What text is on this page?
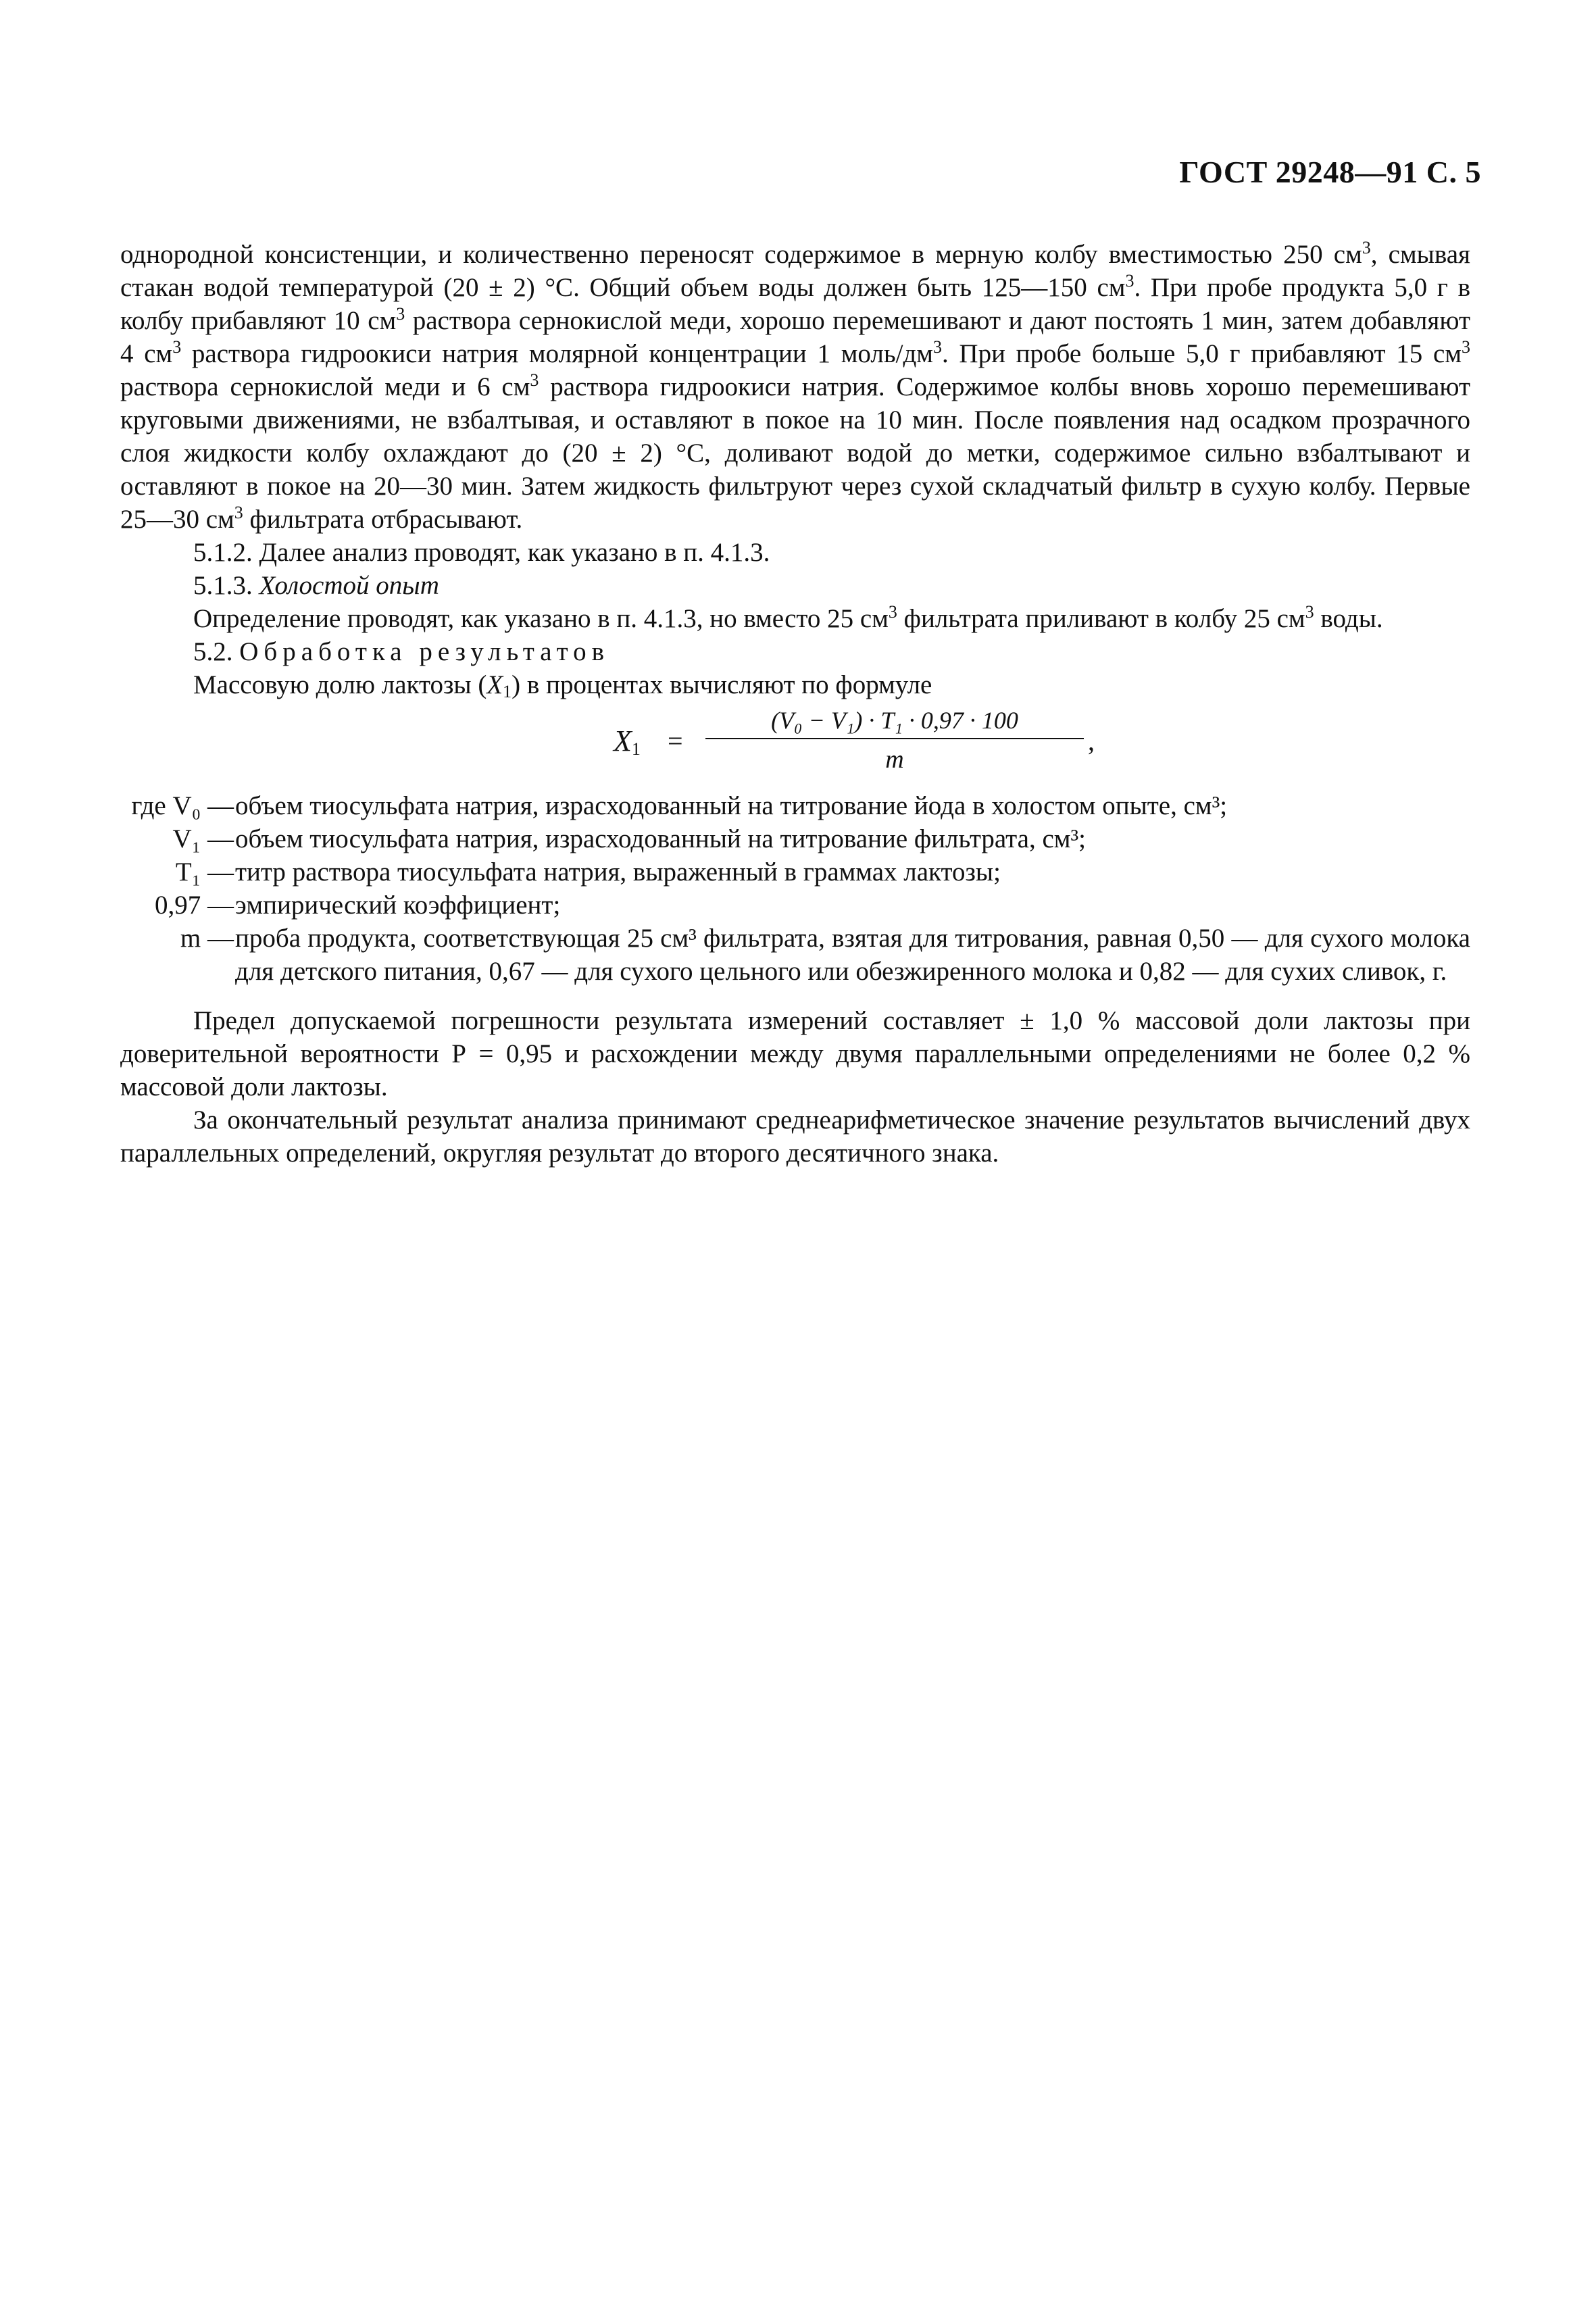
ГОСТ 29248—91 С. 5

однородной консистенции, и количественно переносят содержимое в мерную колбу вместимостью 250 $см^3$, смывая стакан водой температурой (20 ± 2) °С. Общий объем воды должен быть 125—150 $см^3$. При пробе продукта 5,0 г в колбу прибавляют 10 $см^3$ раствора сернокислой меди, хорошо перемешивают и дают постоять 1 мин, затем добавляют 4 $см^3$ раствора гидроокиси натрия молярной концентрации 1 моль/$дм^3$. При пробе больше 5,0 г прибавляют 15 $см^3$ раствора сернокислой меди и 6 $см^3$ раствора гидроокиси натрия. Содержимое колбы вновь хорошо перемешивают круговыми движениями, не взбалтывая, и оставляют в покое на 10 мин. После появления над осадком прозрачного слоя жидкости колбу охлаждают до (20 ± 2) °С, доливают водой до метки, содержимое сильно взбалтывают и оставляют в покое на 20—30 мин. Затем жидкость фильтруют через сухой складчатый фильтр в сухую колбу. Первые 25—30 $см^3$ фильтрата отбрасывают.

5.1.2. Далее анализ проводят, как указано в п. 4.1.3.

5.1.3. Холостой опыт

Определение проводят, как указано в п. 4.1.3, но вместо 25 $см^3$ фильтрата приливают в колбу 25 $см^3$ воды.

5.2. Обработка результатов

Массовую долю лактозы $(X_1)$ в процентах вычисляют по формуле

$X_1$ =
(V₀ − V₁) · T₁ · 0,97 · 100
m
,
где V₀ — объем тиосульфата натрия, израсходованный на титрование йода в холостом опыте, см³;
V₁ — объем тиосульфата натрия, израсходованный на титрование фильтрата, см³;
T₁ — титр раствора тиосульфата натрия, выраженный в граммах лактозы;
0,97 — эмпирический коэффициент;
m — проба продукта, соответствующая 25 см³ фильтрата, взятая для титрования, равная 0,50 — для сухого молока для детского питания, 0,67 — для сухого цельного или обезжиренного молока и 0,82 — для сухих сливок, г.

Предел допускаемой погрешности результата измерений составляет ± 1,0 % массовой доли лактозы при доверительной вероятности Р = 0,95 и расхождении между двумя параллельными определениями не более 0,2 % массовой доли лактозы.

За окончательный результат анализа принимают среднеарифметическое значение результатов вычислений двух параллельных определений, округляя результат до второго десятичного знака.
